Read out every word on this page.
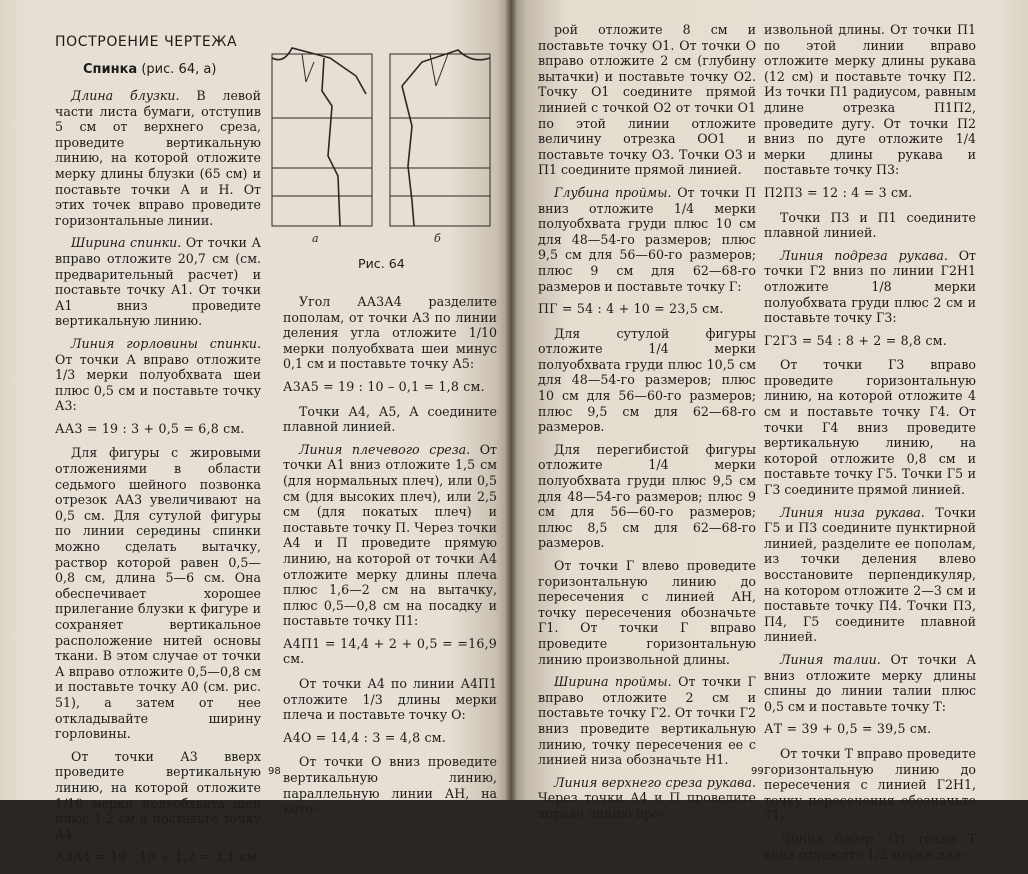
ПОСТРОЕНИЕ ЧЕРТЕЖА
Спинка (рис. 64, а)

Длина блузки. В левой части листа бумаги, отступив 5 см от верхнего среза, проведите вертикальную линию, на которой отложите мерку длины блузки (65 см) и поставьте точки А и Н. От этих точек вправо проведите горизонтальные линии.

Ширина спинки. От точки А вправо отложите 20,7 см (см. предварительный расчет) и поставьте точку А1. От точки А1 вниз проведите вертикальную линию.

Линия горловины спинки. От точки А вправо отложите 1/3 мерки полуобхвата шеи плюс 0,5 см и поставьте точку А3:

АА3 = 19 : 3 + 0,5 = 6,8 см.

Для фигуры с жировыми отложениями в области седьмого шейного позвонка отрезок АА3 увеличивают на 0,5 см. Для сутулой фигуры по линии середины спинки можно сделать вытачку, раствор которой равен 0,5—0,8 см, длина 5—6 см. Она обеспечивает хорошее прилегание блузки к фигуре и сохраняет вертикальное расположение нитей основы ткани. В этом случае от точки А вправо отложите 0,5—0,8 см и поставьте точку А0 (см. рис. 51), а затем от нее откладывайте ширину горловины.

От точки А3 вверх проведите вертикальную линию, на которой отложите 1/10 мерки полуобхвата шеи плюс 1,2 см и поставьте точку А4:

А3А4 = 19 : 10 + 1,2 = 3,1 см.

а	б
Рис. 64

Угол АА3А4 разделите пополам, от точки А3 по линии деления угла отложите 1/10 мерки полуобхвата шеи минус 0,1 см и поставьте точку А5:

А3А5 = 19 : 10 – 0,1 = 1,8 см.

Точки А4, А5, А соедините плавной линией.

Линия плечевого среза. От точки А1 вниз отложите 1,5 см (для нормальных плеч), или 0,5 см (для высоких плеч), или 2,5 см (для покатых плеч) и поставьте точку П. Через точки А4 и П проведите прямую линию, на которой от точки А4 отложите мерку длины плеча плюс 1,6—2 см на вытачку, плюс 0,5—0,8 см на посадку и поставьте точку П1:

А4П1 = 14,4 + 2 + 0,5 = =16,9 см.

От точки А4 по линии А4П1 отложите 1/3 длины мерки плеча и поставьте точку О:

А4О = 14,4 : 3 = 4,8 см.

От точки О вниз проведите вертикальную линию, параллельную линии АН, на кото-

98

рой отложите 8 см и поставьте точку О1. От точки О вправо отложите 2 см (глубину вытачки) и поставьте точку О2. Точку О1 соедините прямой линией с точкой О2 от точки О1 по этой линии отложите величину отрезка ОО1 и поставьте точку О3. Точки О3 и П1 соедините прямой линией.

Глубина проймы. От точки П вниз отложите 1/4 мерки полуобхвата груди плюс 10 см для 48—54-го размеров; плюс 9,5 см для 56—60-го размеров; плюс 9 см для 62—68-го размеров и поставьте точку Г:

ПГ = 54 : 4 + 10 = 23,5 см.

Для сутулой фигуры отложите 1/4 мерки полуобхвата груди плюс 10,5 см для 48—54-го размеров; плюс 10 см для 56—60-го размеров; плюс 9,5 см для 62—68-го размеров.

Для перегибистой фигуры отложите 1/4 мерки полуобхвата груди плюс 9,5 см для 48—54-го размеров; плюс 9 см для 56—60-го размеров; плюс 8,5 см для 62—68-го размеров.

От точки Г влево проведите горизонтальную линию до пересечения с линией АН, точку пересечения обозначьте Г1. От точки Г вправо проведите горизонтальную линию произвольной длины.

Ширина проймы. От точки Г вправо отложите 2 см и поставьте точку Г2. От точки Г2 вниз проведите вертикальную линию, точку пересечения ее с линией низа обозначьте Н1.

Линия верхнего среза рукава. Через точки А4 и П проведите вправо линию про-

извольной длины. От точки П1 по этой линии вправо отложите мерку длины рукава (12 см) и поставьте точку П2. Из точки П1 радиусом, равным длине отрезка П1П2, проведите дугу. От точки П2 вниз по дуге отложите 1/4 мерки длины рукава и поставьте точку П3:

П2П3 = 12 : 4 = 3 см.

Точки П3 и П1 соедините плавной линией.

Линия подреза рукава. От точки Г2 вниз по линии Г2Н1 отложите 1/8 мерки полуобхвата груди плюс 2 см и поставьте точку Г3:

Г2Г3 = 54 : 8 + 2 = 8,8 см.

От точки Г3 вправо проведите горизонтальную линию, на которой отложите 4 см и поставьте точку Г4. От точки Г4 вниз проведите вертикальную линию, на которой отложите 0,8 см и поставьте точку Г5. Точки Г5 и Г3 соедините прямой линией.

Линия низа рукава. Точки Г5 и П3 соедините пунктирной линией, разделите ее пополам, из точки деления влево восстановите перпендикуляр, на котором отложите 2—3 см и поставьте точку П4. Точки П3, П4, Г5 соедините плавной линией.

Линия талии. От точки А вниз отложите мерку длины спины до линии талии плюс 0,5 см и поставьте точку Т:

АТ = 39 + 0,5 = 39,5 см.

От точки Т вправо проведите горизонтальную линию до пересечения с линией Г2Н1, точку пересечения обозначьте Т1.

Линия бедер. От точки Т вниз отложите 1/2 мерки дли-

99
